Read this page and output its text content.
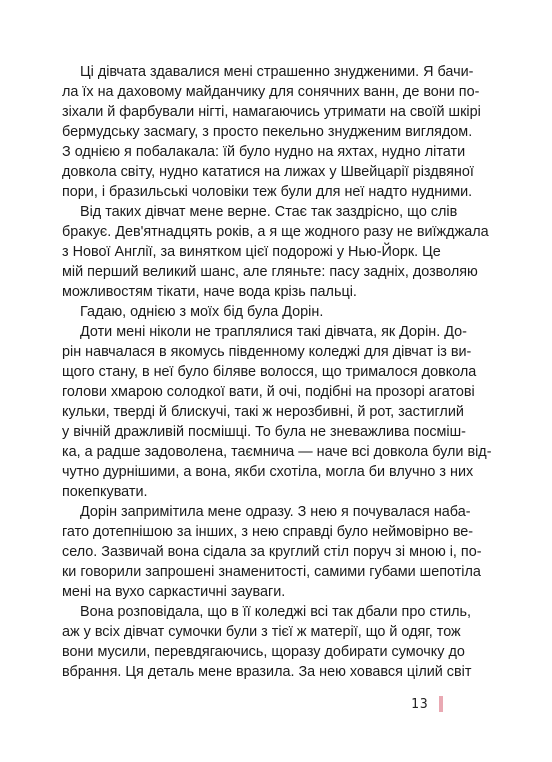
Ці дівчата здавалися мені страшенно знудженими. Я бачи-
ла їх на даховому майданчику для сонячних ванн, де вони по-
зіхали й фарбували нігті, намагаючись утримати на своїй шкірі
бермудську засмагу, з просто пекельно знудженим виглядом.
З однією я побалакала: їй було нудно на яхтах, нудно літати
довкола світу, нудно кататися на лижах у Швейцарії різдвяної
пори, і бразильські чоловіки теж були для неї надто нудними.
Від таких дівчат мене верне. Стає так заздрісно, що слів
бракує. Дев'ятнадцять років, а я ще жодного разу не виїжджала
з Нової Англії, за винятком цієї подорожі у Нью-Йорк. Це
мій перший великий шанс, але гляньте: пасу задніх, дозволяю
можливостям тікати, наче вода крізь пальці.
Гадаю, однією з моїх бід була Дорін.
Доти мені ніколи не траплялися такі дівчата, як Дорін. До-
рін навчалася в якомусь південному коледжі для дівчат із ви-
щого стану, в неї було біляве волосся, що трималося довкола
голови хмарою солодкої вати, й очі, подібні на прозорі агатові
кульки, тверді й блискучі, такі ж нерозбивні, й рот, застиглий
у вічній дражливій посмішці. То була не зневажлива посміш-
ка, а радше задоволена, таємнича — наче всі довкола були від-
чутно дурнішими, а вона, якби схотіла, могла би влучно з них
покепкувати.
Дорін запримітила мене одразу. З нею я почувалася наба-
гато дотепнішою за інших, з нею справді було неймовірно ве-
село. Зазвичай вона сідала за круглий стіл поруч зі мною і, по-
ки говорили запрошені знаменитості, самими губами шепотіла
мені на вухо саркастичні зауваги.
Вона розповідала, що в її коледжі всі так дбали про стиль,
аж у всіх дівчат сумочки були з тієї ж матерії, що й одяг, тож
вони мусили, перевдягаючись, щоразу добирати сумочку до
вбрання. Ця деталь мене вразила. За нею ховався цілий світ
13
